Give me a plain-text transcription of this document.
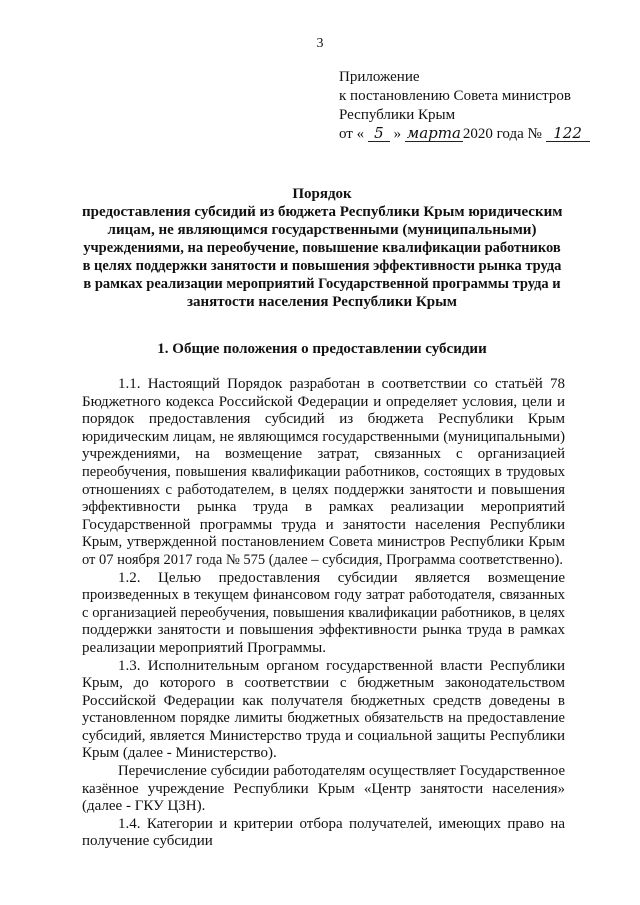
3
Приложение
к постановлению Совета министров
Республики Крым
от « 5 » марта 2020 года № 122
Порядок
предоставления субсидий из бюджета Республики Крым юридическим
лицам, не являющимся государственными (муниципальными)
учреждениями, на переобучение, повышение квалификации работников
в целях поддержки занятости и повышения эффективности рынка труда
в рамках реализации мероприятий Государственной программы труда и
занятости населения Республики Крым
1. Общие положения о предоставлении субсидии
1.1. Настоящий Порядок разработан в соответствии со статьёй 78
Бюджетного кодекса Российской Федерации и определяет условия, цели и
порядок предоставления субсидий из бюджета Республики Крым
юридическим лицам, не являющимся государственными (муниципальными)
учреждениями, на возмещение затрат, связанных с организацией
переобучения, повышения квалификации работников, состоящих в трудовых
отношениях с работодателем, в целях поддержки занятости и повышения
эффективности рынка труда в рамках реализации мероприятий
Государственной программы труда и занятости населения Республики
Крым, утвержденной постановлением Совета министров Республики Крым
от 07 ноября 2017 года № 575 (далее – субсидия, Программа соответственно).
1.2. Целью предоставления субсидии является возмещение
произведенных в текущем финансовом году затрат работодателя, связанных
с организацией переобучения, повышения квалификации работников, в целях
поддержки занятости и повышения эффективности рынка труда в рамках
реализации мероприятий Программы.
1.3. Исполнительным органом государственной власти Республики
Крым, до которого в соответствии с бюджетным законодательством
Российской Федерации как получателя бюджетных средств доведены в
установленном порядке лимиты бюджетных обязательств на предоставление
субсидий, является Министерство труда и социальной защиты Республики
Крым (далее - Министерство).
Перечисление субсидии работодателям осуществляет Государственное
казённое учреждение Республики Крым «Центр занятости населения»
(далее - ГКУ ЦЗН).
1.4. Категории и критерии отбора получателей, имеющих право на
получение субсидии
